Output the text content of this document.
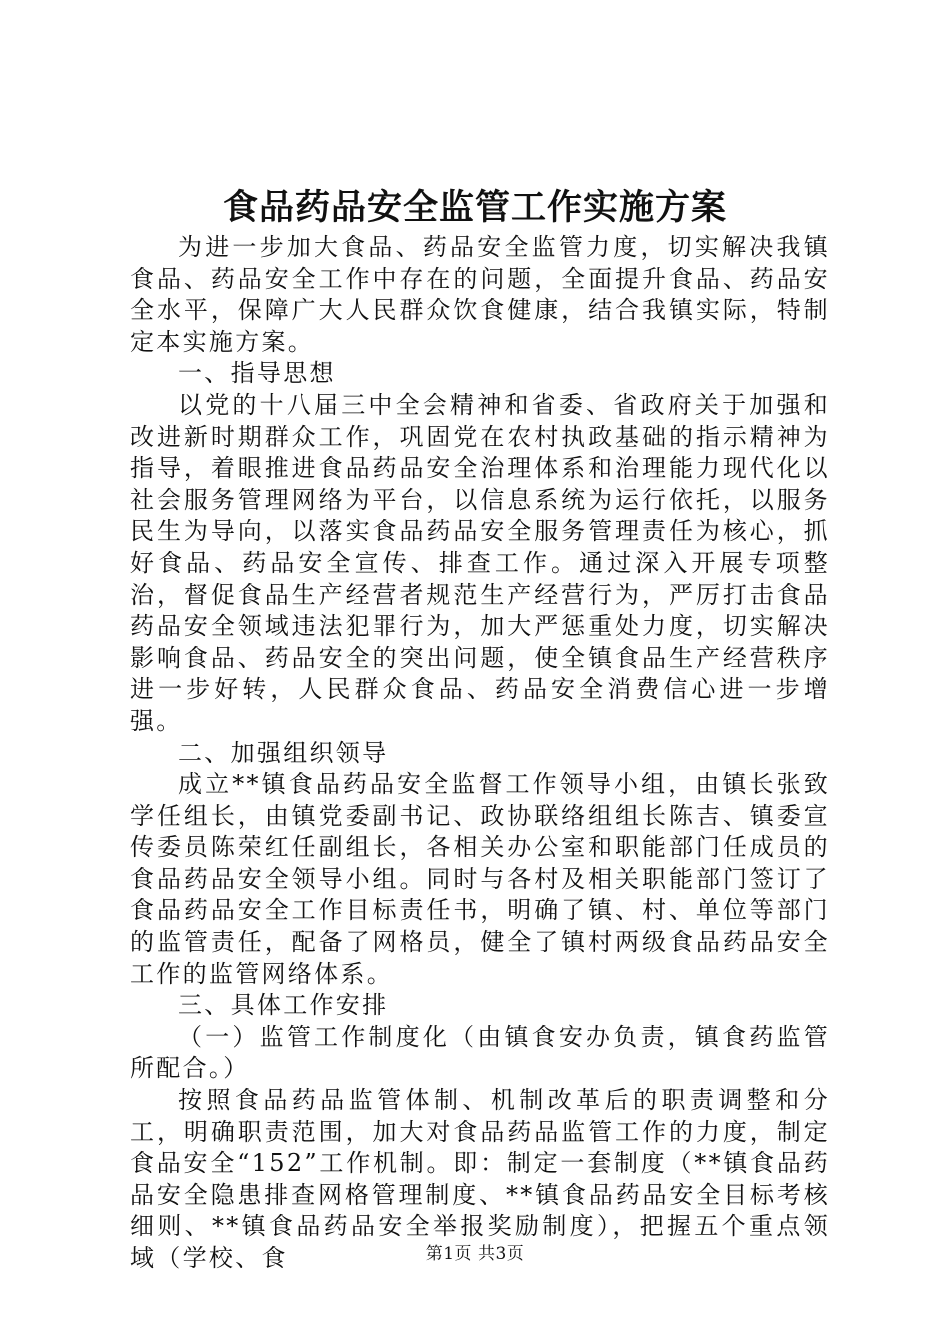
食品药品安全监管工作实施方案

为进一步加大食品、药品安全监管力度，切实解决我镇食品、药品安全工作中存在的问题，全面提升食品、药品安全水平，保障广大人民群众饮食健康，结合我镇实际，特制定本实施方案。

一、指导思想

以党的十八届三中全会精神和省委、省政府关于加强和改进新时期群众工作，巩固党在农村执政基础的指示精神为指导，着眼推进食品药品安全治理体系和治理能力现代化以社会服务管理网络为平台，以信息系统为运行依托，以服务民生为导向，以落实食品药品安全服务管理责任为核心，抓好食品、药品安全宣传、排查工作。通过深入开展专项整治，督促食品生产经营者规范生产经营行为，严厉打击食品药品安全领域违法犯罪行为，加大严惩重处力度，切实解决影响食品、药品安全的突出问题，使全镇食品生产经营秩序进一步好转，人民群众食品、药品安全消费信心进一步增强。

二、加强组织领导

成立**镇食品药品安全监督工作领导小组，由镇长张致学任组长，由镇党委副书记、政协联络组组长陈吉、镇委宣传委员陈荣红任副组长，各相关办公室和职能部门任成员的食品药品安全领导小组。同时与各村及相关职能部门签订了食品药品安全工作目标责任书，明确了镇、村、单位等部门的监管责任，配备了网格员，健全了镇村两级食品药品安全工作的监管网络体系。

三、具体工作安排

（一）监管工作制度化（由镇食安办负责，镇食药监管所配合。）

按照食品药品监管体制、机制改革后的职责调整和分工，明确职责范围，加大对食品药品监管工作的力度，制定食品安全“152”工作机制。即：制定一套制度（**镇食品药品安全隐患排查网格管理制度、**镇食品药品安全目标考核细则、**镇食品药品安全举报奖励制度），把握五个重点领域（学校、食	第1页 共3页
